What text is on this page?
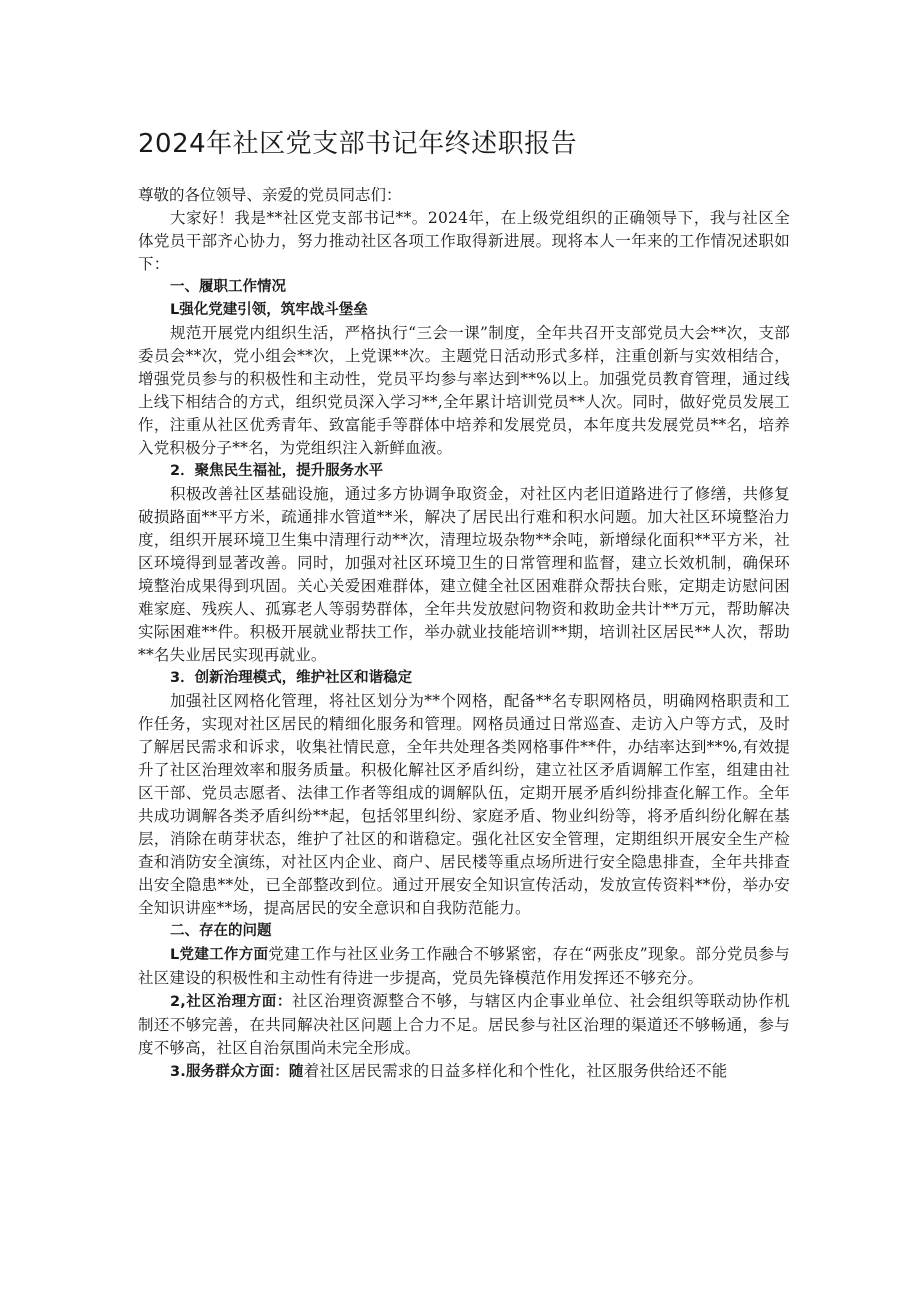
2024年社区党支部书记年终述职报告

尊敬的各位领导、亲爱的党员同志们：

大家好！我是**社区党支部书记**。2024年，在上级党组织的正确领导下，我与社区全体党员干部齐心协力，努力推动社区各项工作取得新进展。现将本人一年来的工作情况述职如下：

一、履职工作情况
L强化党建引领，筑牢战斗堡垒

规范开展党内组织生活，严格执行“三会一课”制度，全年共召开支部党员大会**次，支部委员会**次，党小组会**次，上党课**次。主题党日活动形式多样，注重创新与实效相结合，增强党员参与的积极性和主动性，党员平均参与率达到**%以上。加强党员教育管理，通过线上线下相结合的方式，组织党员深入学习**,全年累计培训党员**人次。同时，做好党员发展工作，注重从社区优秀青年、致富能手等群体中培养和发展党员，本年度共发展党员**名，培养入党积极分子**名，为党组织注入新鲜血液。

2．聚焦民生福祉，提升服务水平

积极改善社区基础设施，通过多方协调争取资金，对社区内老旧道路进行了修缮，共修复破损路面**平方米，疏通排水管道**米，解决了居民出行难和积水问题。加大社区环境整治力度，组织开展环境卫生集中清理行动**次，清理垃圾杂物**余吨，新增绿化面积**平方米，社区环境得到显著改善。同时，加强对社区环境卫生的日常管理和监督，建立长效机制，确保环境整治成果得到巩固。关心关爱困难群体，建立健全社区困难群众帮扶台账，定期走访慰问困难家庭、残疾人、孤寡老人等弱势群体，全年共发放慰问物资和救助金共计**万元，帮助解决实际困难**件。积极开展就业帮扶工作，举办就业技能培训**期，培训社区居民**人次，帮助**名失业居民实现再就业。

3．创新治理模式，维护社区和谐稳定

加强社区网格化管理，将社区划分为**个网格，配备**名专职网格员，明确网格职责和工作任务，实现对社区居民的精细化服务和管理。网格员通过日常巡查、走访入户等方式，及时了解居民需求和诉求，收集社情民意，全年共处理各类网格事件**件，办结率达到**%,有效提升了社区治理效率和服务质量。积极化解社区矛盾纠纷，建立社区矛盾调解工作室，组建由社区干部、党员志愿者、法律工作者等组成的调解队伍，定期开展矛盾纠纷排查化解工作。全年共成功调解各类矛盾纠纷**起，包括邻里纠纷、家庭矛盾、物业纠纷等，将矛盾纠纷化解在基层，消除在萌芽状态，维护了社区的和谐稳定。强化社区安全管理，定期组织开展安全生产检查和消防安全演练，对社区内企业、商户、居民楼等重点场所进行安全隐患排查，全年共排查出安全隐患**处，已全部整改到位。通过开展安全知识宣传活动，发放宣传资料**份，举办安全知识讲座**场，提高居民的安全意识和自我防范能力。

二、存在的问题

L党建工作方面党建工作与社区业务工作融合不够紧密，存在“两张皮”现象。部分党员参与社区建设的积极性和主动性有待进一步提高，党员先锋模范作用发挥还不够充分。

2,社区治理方面：社区治理资源整合不够，与辖区内企事业单位、社会组织等联动协作机制还不够完善，在共同解决社区问题上合力不足。居民参与社区治理的渠道还不够畅通，参与度不够高，社区自治氛围尚未完全形成。

3.服务群众方面：随着社区居民需求的日益多样化和个性化，社区服务供给还不能
